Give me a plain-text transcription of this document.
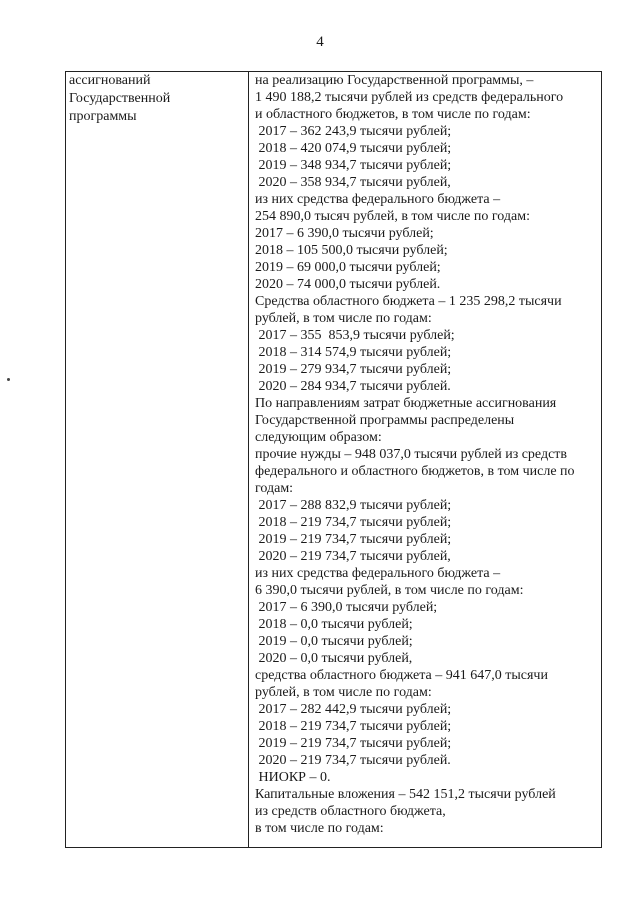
4
ассигнований
Государственной
программы
на реализацию Государственной программы, –
1 490 188,2 тысячи рублей из средств федерального
и областного бюджетов, в том числе по годам:
2017 – 362 243,9 тысячи рублей;
2018 – 420 074,9 тысячи рублей;
2019 – 348 934,7 тысячи рублей;
2020 – 358 934,7 тысячи рублей,
из них средства федерального бюджета –
254 890,0 тысяч рублей, в том числе по годам:
2017 – 6 390,0 тысячи рублей;
2018 – 105 500,0 тысячи рублей;
2019 – 69 000,0 тысячи рублей;
2020 – 74 000,0 тысячи рублей.
Средства областного бюджета – 1 235 298,2 тысячи
рублей, в том числе по годам:
2017 – 355  853,9 тысячи рублей;
2018 – 314 574,9 тысячи рублей;
2019 – 279 934,7 тысячи рублей;
2020 – 284 934,7 тысячи рублей.
По направлениям затрат бюджетные ассигнования
Государственной программы распределены
следующим образом:
прочие нужды – 948 037,0 тысячи рублей из средств
федерального и областного бюджетов, в том числе по
годам:
2017 – 288 832,9 тысячи рублей;
2018 – 219 734,7 тысячи рублей;
2019 – 219 734,7 тысячи рублей;
2020 – 219 734,7 тысячи рублей,
из них средства федерального бюджета –
6 390,0 тысячи рублей, в том числе по годам:
2017 – 6 390,0 тысячи рублей;
2018 – 0,0 тысячи рублей;
2019 – 0,0 тысячи рублей;
2020 – 0,0 тысячи рублей,
средства областного бюджета – 941 647,0 тысячи
рублей, в том числе по годам:
2017 – 282 442,9 тысячи рублей;
2018 – 219 734,7 тысячи рублей;
2019 – 219 734,7 тысячи рублей;
2020 – 219 734,7 тысячи рублей.
НИОКР – 0.
Капитальные вложения – 542 151,2 тысячи рублей
из средств областного бюджета,
в том числе по годам:
